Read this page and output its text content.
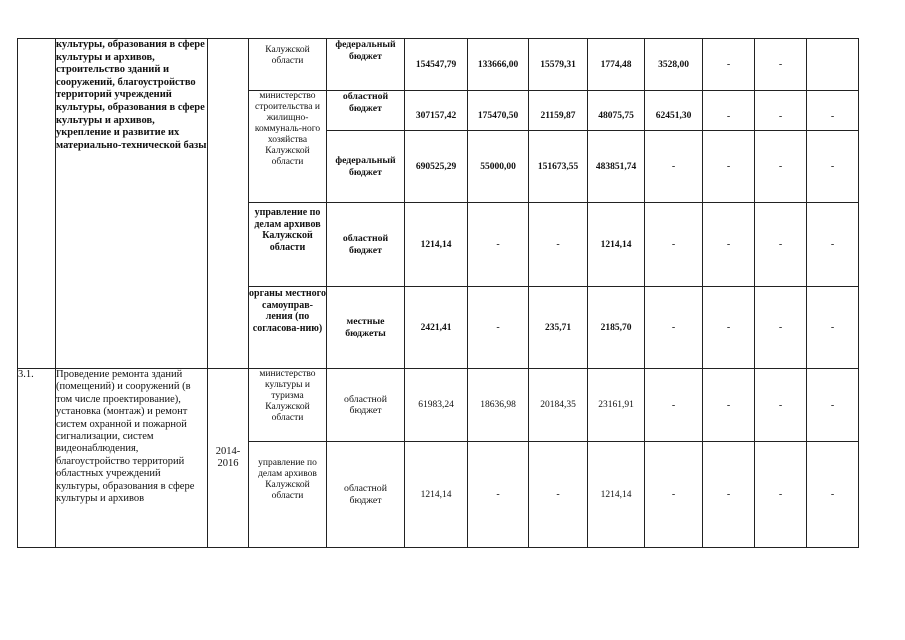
	культуры, образования в сфере культуры и архивов, строительство зданий и сооружений, благоустройство территорий учреждений культуры, образования в сфере культуры и архивов, укрепление и развитие их материально-технической базы		Калужской области	федеральный бюджет	154547,79	133666,00	15579,31	1774,48	3528,00	-	-	
			министерство строительства и жилищно-коммуналь-ного хозяйства Калужской области	областной бюджет	307157,42	175470,50	21159,87	48075,75	62451,30	-	-	-
				федеральный бюджет	690525,29	55000,00	151673,55	483851,74	-	-	-	-
			управление по делам архивов Калужской области	областной бюджет	1214,14	-	-	1214,14	-	-	-	-
			органы местного самоуправ-ления (по согласова-нию)	местные бюджеты	2421,41	-	235,71	2185,70	-	-	-	-
3.1.	Проведение ремонта зданий (помещений) и сооружений (в том числе проектирование), установка (монтаж) и ремонт систем охранной и пожарной сигнализации, систем видеонаблюдения, благоустройство территорий областных учреждений культуры, образования в сфере культуры и архивов	2014-2016	министерство культуры и туризма Калужской области	областной бюджет	61983,24	18636,98	20184,35	23161,91	-	-	-	-
			управление по делам архивов Калужской области	областной бюджет	1214,14	-	-	1214,14	-	-	-	-
